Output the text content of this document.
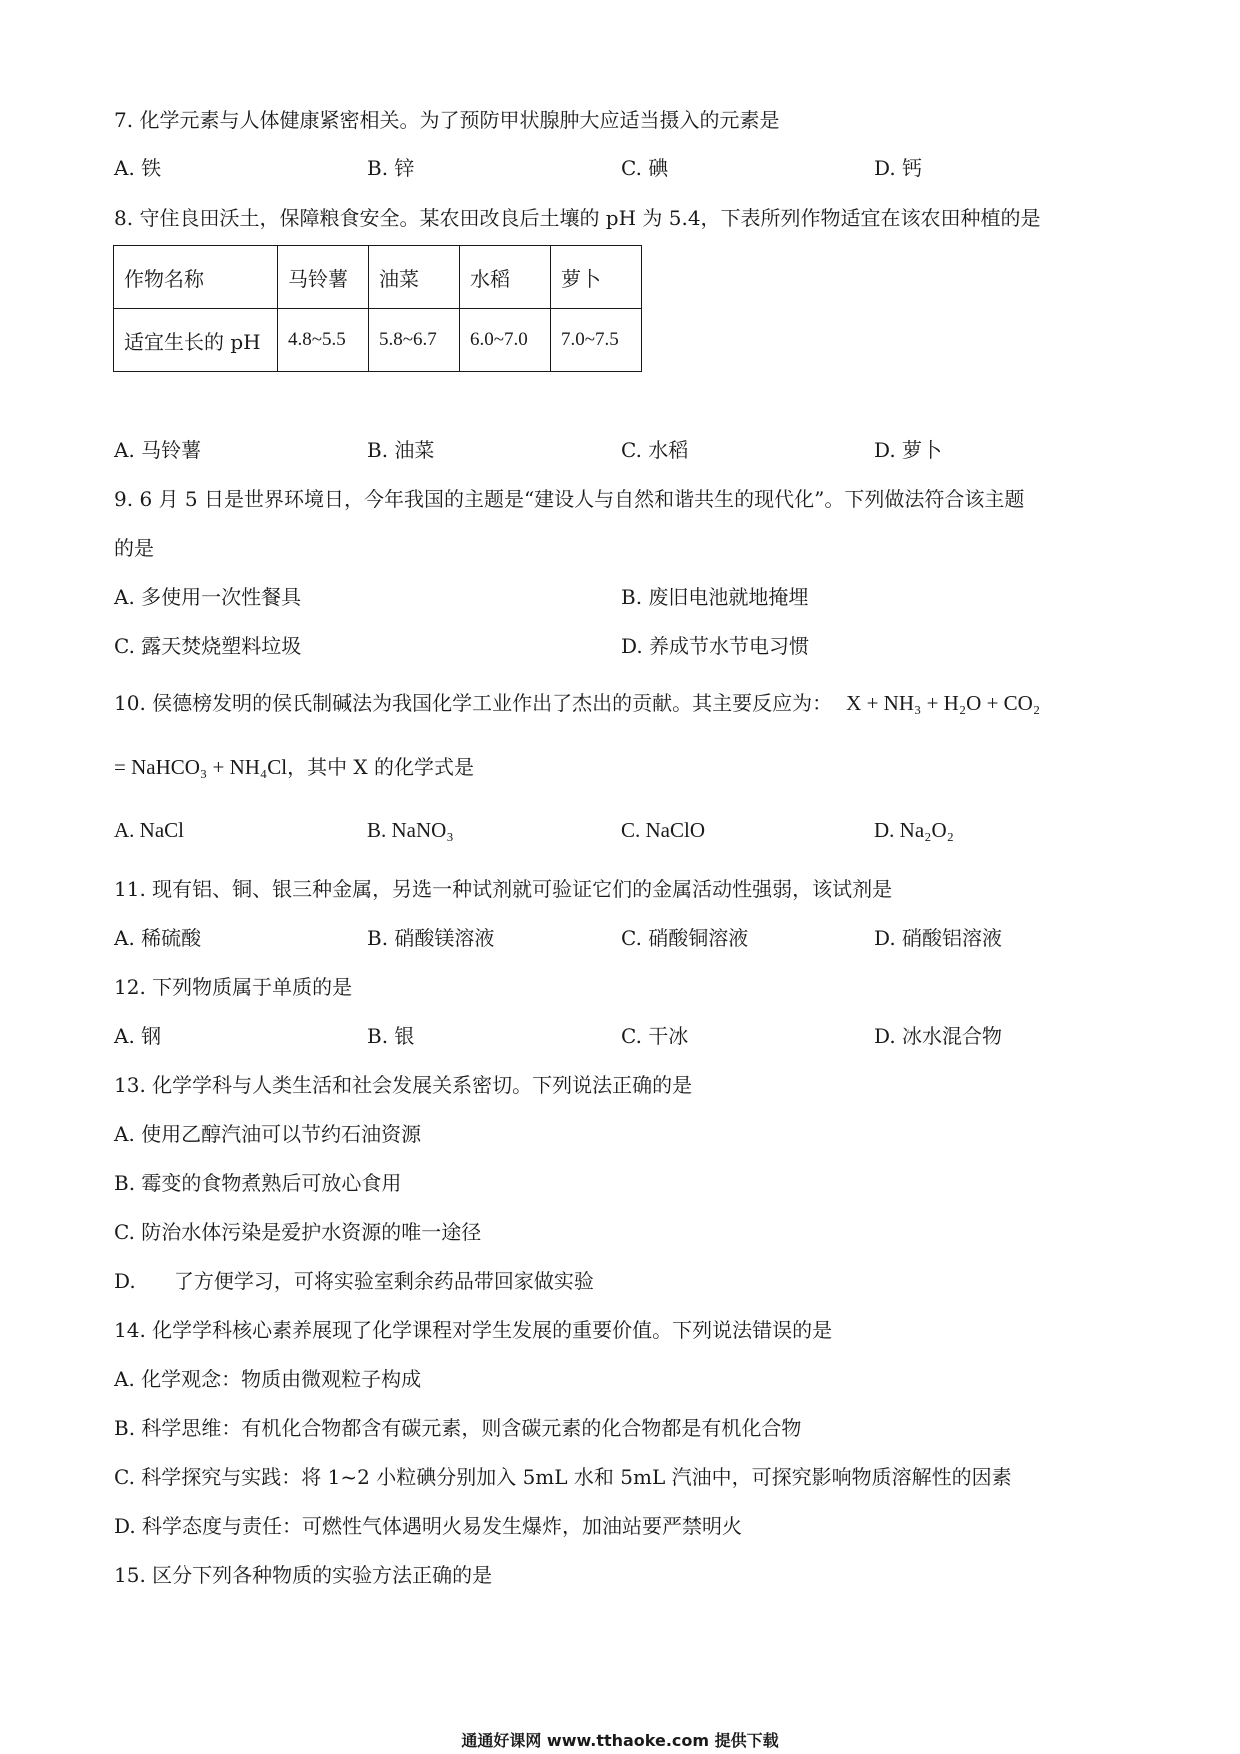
7. 化学元素与人体健康紧密相关。为了预防甲状腺肿大应适当摄入的元素是
A. 铁	B. 锌	C. 碘	D. 钙
8. 守住良田沃土，保障粮食安全。某农田改良后土壤的 pH 为 5.4，下表所列作物适宜在该农田种植的是
作物名称	马铃薯	油菜	水稻	萝卜
适宜生长的 pH	4.8~5.5	5.8~6.7	6.0~7.0	7.0~7.5
A. 马铃薯	B. 油菜	C. 水稻	D. 萝卜
9. 6 月 5 日是世界环境日，今年我国的主题是“建设人与自然和谐共生的现代化”。下列做法符合该主题
的是
A. 多使用一次性餐具	B. 废旧电池就地掩埋
C. 露天焚烧塑料垃圾	D. 养成节水节电习惯
10. 侯德榜发明的侯氏制碱法为我国化学工业作出了杰出的贡献。其主要反应为： X + NH₃ + H₂O + CO₂
= NaHCO₃ + NH₄Cl，其中 X 的化学式是
A. NaCl	B. NaNO₃	C. NaClO	D. Na₂O₂
11. 现有铝、铜、银三种金属，另选一种试剂就可验证它们的金属活动性强弱，该试剂是
A. 稀硫酸	B. 硝酸镁溶液	C. 硝酸铜溶液	D. 硝酸铝溶液
12. 下列物质属于单质的是
A. 钢	B. 银	C. 干冰	D. 冰水混合物
13. 化学学科与人类生活和社会发展关系密切。下列说法正确的是
A. 使用乙醇汽油可以节约石油资源
B. 霉变的食物煮熟后可放心食用
C. 防治水体污染是爱护水资源的唯一途径
D.      了方便学习，可将实验室剩余药品带回家做实验
14. 化学学科核心素养展现了化学课程对学生发展的重要价值。下列说法错误的是
A. 化学观念：物质由微观粒子构成
B. 科学思维：有机化合物都含有碳元素，则含碳元素的化合物都是有机化合物
C. 科学探究与实践：将 1~2 小粒碘分别加入 5mL 水和 5mL 汽油中，可探究影响物质溶解性的因素
D. 科学态度与责任：可燃性气体遇明火易发生爆炸，加油站要严禁明火
15. 区分下列各种物质的实验方法正确的是
通通好课网 www.tthaoke.com 提供下载
